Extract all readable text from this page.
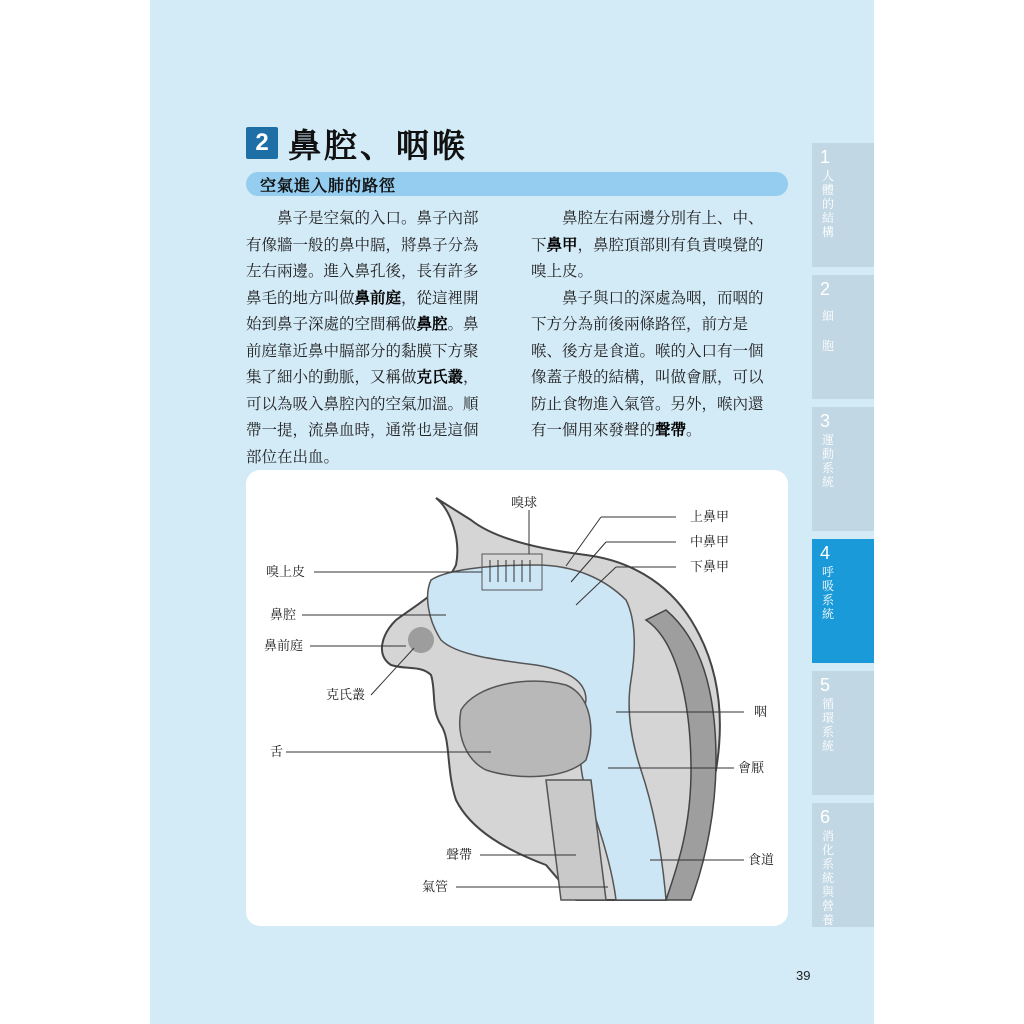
2 鼻腔、咽喉
空氣進入肺的路徑

鼻子是空氣的入口。鼻子內部

有像牆一般的鼻中膈，將鼻子分為

左右兩邊。進入鼻孔後，長有許多

鼻毛的地方叫做鼻前庭，從這裡開

始到鼻子深處的空間稱做鼻腔。鼻

前庭靠近鼻中膈部分的黏膜下方聚

集了細小的動脈，又稱做克氏叢，

可以為吸入鼻腔內的空氣加溫。順

帶一提，流鼻血時，通常也是這個

部位在出血。

鼻腔左右兩邊分別有上、中、

下鼻甲，鼻腔頂部則有負責嗅覺的

嗅上皮。

鼻子與口的深處為咽，而咽的

下方分為前後兩條路徑，前方是

喉、後方是食道。喉的入口有一個

像蓋子般的結構，叫做會厭，可以

防止食物進入氣管。另外，喉內還

有一個用來發聲的聲帶。

嗅球
上鼻甲
中鼻甲
下鼻甲
嗅上皮
鼻腔
鼻前庭
克氏叢
咽
舌
會厭
聲帶	食道
氣管
1
人體的結構
2
細胞
3
運動系統
4
呼吸系統
5
循環系統
6
消化系統與營養
39
